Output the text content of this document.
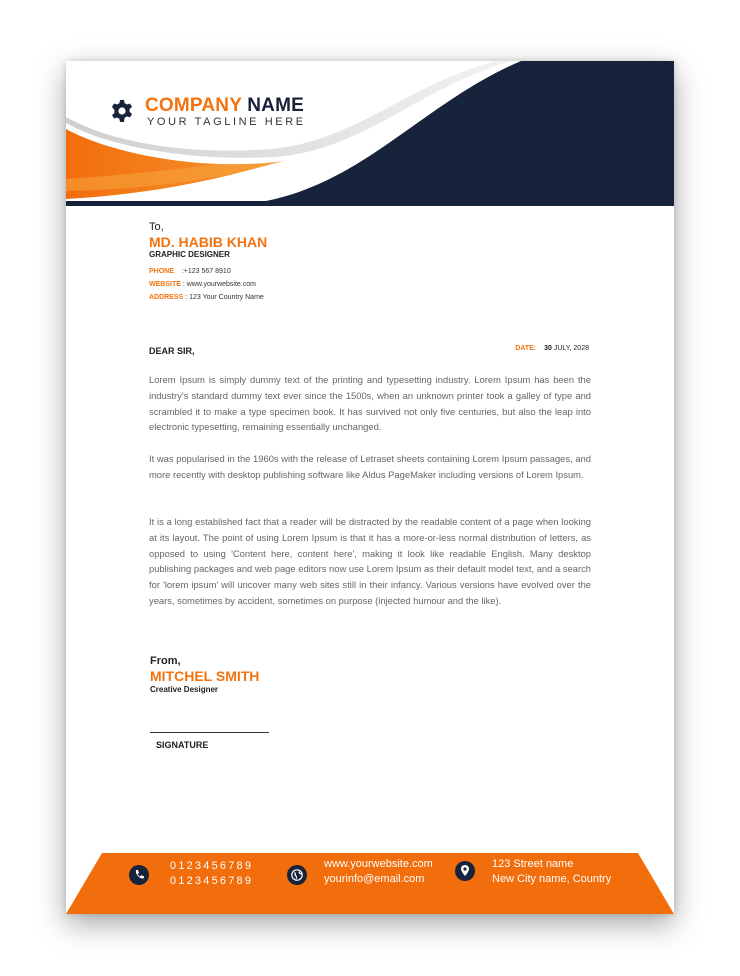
COMPANY NAME
YOUR TAGLINE HERE
To,
MD. HABIB KHAN
GRAPHIC DESIGNER
PHONE :+123 567 8910
WEBSITE : www.yourwebsite.com
ADDRESS : 123 Your Country Name
DEAR SIR,	DATE: 30 JULY, 2028

Lorem Ipsum is simply dummy text of the printing and typesetting industry. Lorem Ipsum has been the industry's standard dummy text ever since the 1500s, when an unknown printer took a galley of type and scrambled it to make a type specimen book. It has survived not only five centuries, but also the leap into electronic typesetting, remaining essentially unchanged.

It was popularised in the 1960s with the release of Letraset sheets containing Lorem Ipsum passages, and more recently with desktop publishing software like Aldus PageMaker including versions of Lorem Ipsum.

It is a long established fact that a reader will be distracted by the readable content of a page when looking at its layout. The point of using Lorem Ipsum is that it has a more-or-less normal distribution of letters, as opposed to using 'Content here, content here', making it look like readable English. Many desktop publishing packages and web page editors now use Lorem Ipsum as their default model text, and a search for 'lorem ipsum' will uncover many web sites still in their infancy. Various versions have evolved over the years, sometimes by accident, sometimes on purpose (injected humour and the like).

From,
MITCHEL SMITH
Creative Designer
SIGNATURE
0123456789
0123456789
www.yourwebsite.com
yourinfo@email.com
123 Street name
New City name, Country
